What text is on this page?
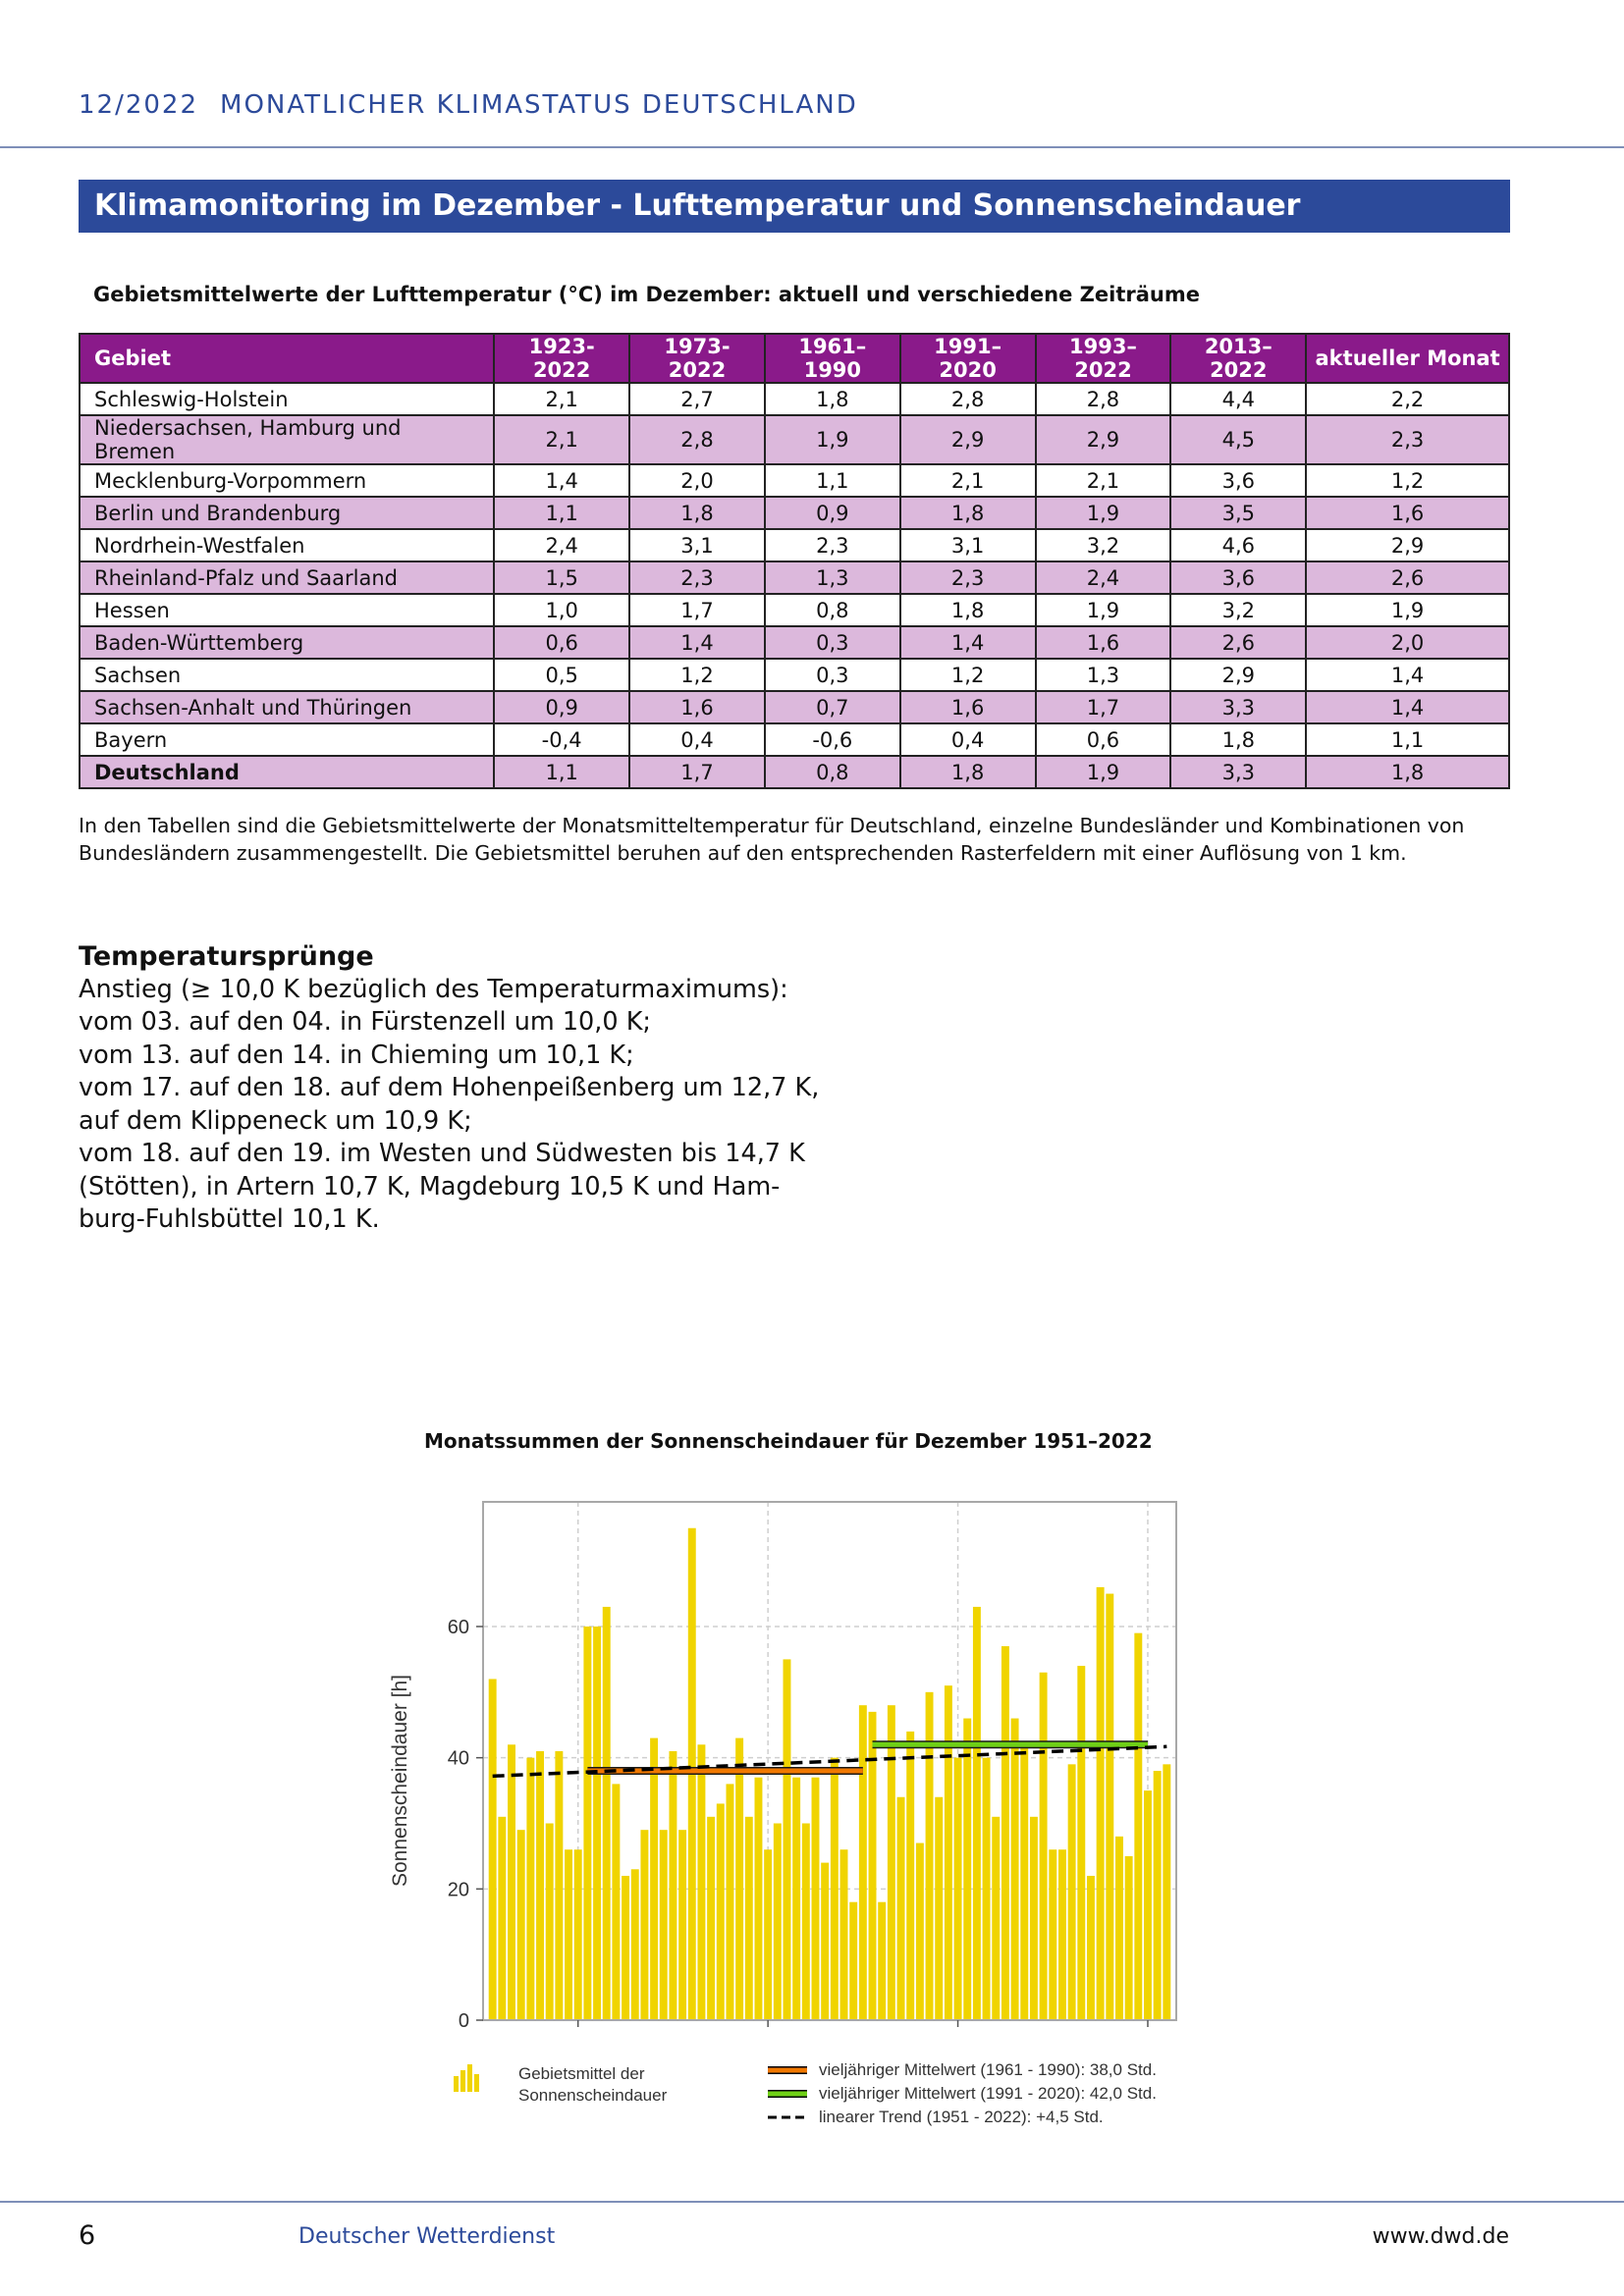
12/2022 MONATLICHER KLIMASTATUS DEUTSCHLAND
Klimamonitoring im Dezember - Lufttemperatur und Sonnenscheindauer
Gebietsmittelwerte der Lufttemperatur (°C) im Dezember: aktuell und verschiedene Zeiträume
Gebiet	1923-2022	1973-2022	1961–1990	1991–2020	1993–2022	2013–2022	aktueller Monat
Schleswig-Holstein	2,1	2,7	1,8	2,8	2,8	4,4	2,2
Niedersachsen, Hamburg und Bremen	2,1	2,8	1,9	2,9	2,9	4,5	2,3
Mecklenburg-Vorpommern	1,4	2,0	1,1	2,1	2,1	3,6	1,2
Berlin und Brandenburg	1,1	1,8	0,9	1,8	1,9	3,5	1,6
Nordrhein-Westfalen	2,4	3,1	2,3	3,1	3,2	4,6	2,9
Rheinland-Pfalz und Saarland	1,5	2,3	1,3	2,3	2,4	3,6	2,6
Hessen	1,0	1,7	0,8	1,8	1,9	3,2	1,9
Baden-Württemberg	0,6	1,4	0,3	1,4	1,6	2,6	2,0
Sachsen	0,5	1,2	0,3	1,2	1,3	2,9	1,4
Sachsen-Anhalt und Thüringen	0,9	1,6	0,7	1,6	1,7	3,3	1,4
Bayern	-0,4	0,4	-0,6	0,4	0,6	1,8	1,1
Deutschland	1,1	1,7	0,8	1,8	1,9	3,3	1,8
In den Tabellen sind die Gebietsmittelwerte der Monatsmitteltemperatur für Deutschland, einzelne Bundesländer und Kombinationen von Bundesländern zusammengestellt. Die Gebietsmittel beruhen auf den entsprechenden Rasterfeldern mit einer Auflösung von 1 km.
Temperatursprünge
Anstieg (≥ 10,0 K bezüglich des Temperaturmaximums):
vom 03. auf den 04. in Fürstenzell um 10,0 K;
vom 13. auf den 14. in Chieming um 10,1 K;
vom 17. auf den 18. auf dem Hohenpeißenberg um 12,7 K,
auf dem Klippeneck um 10,9 K;
vom 18. auf den 19. im Westen und Südwesten bis 14,7 K
(Stötten), in Artern 10,7 K, Magdeburg 10,5 K und Ham-
burg-Fuhlsbüttel 10,1 K.
Monatssummen der Sonnenscheindauer für Dezember 1951–2022
0
20
40
60
Sonnenscheindauer [h]
Gebietsmittel der Sonnenscheindauer
vieljähriger Mittelwert (1961 - 1990): 38,0 Std.
vieljähriger Mittelwert (1991 - 2020): 42,0 Std.
linearer Trend (1951 - 2022): +4,5 Std.
6	Deutscher Wetterdienst	www.dwd.de
